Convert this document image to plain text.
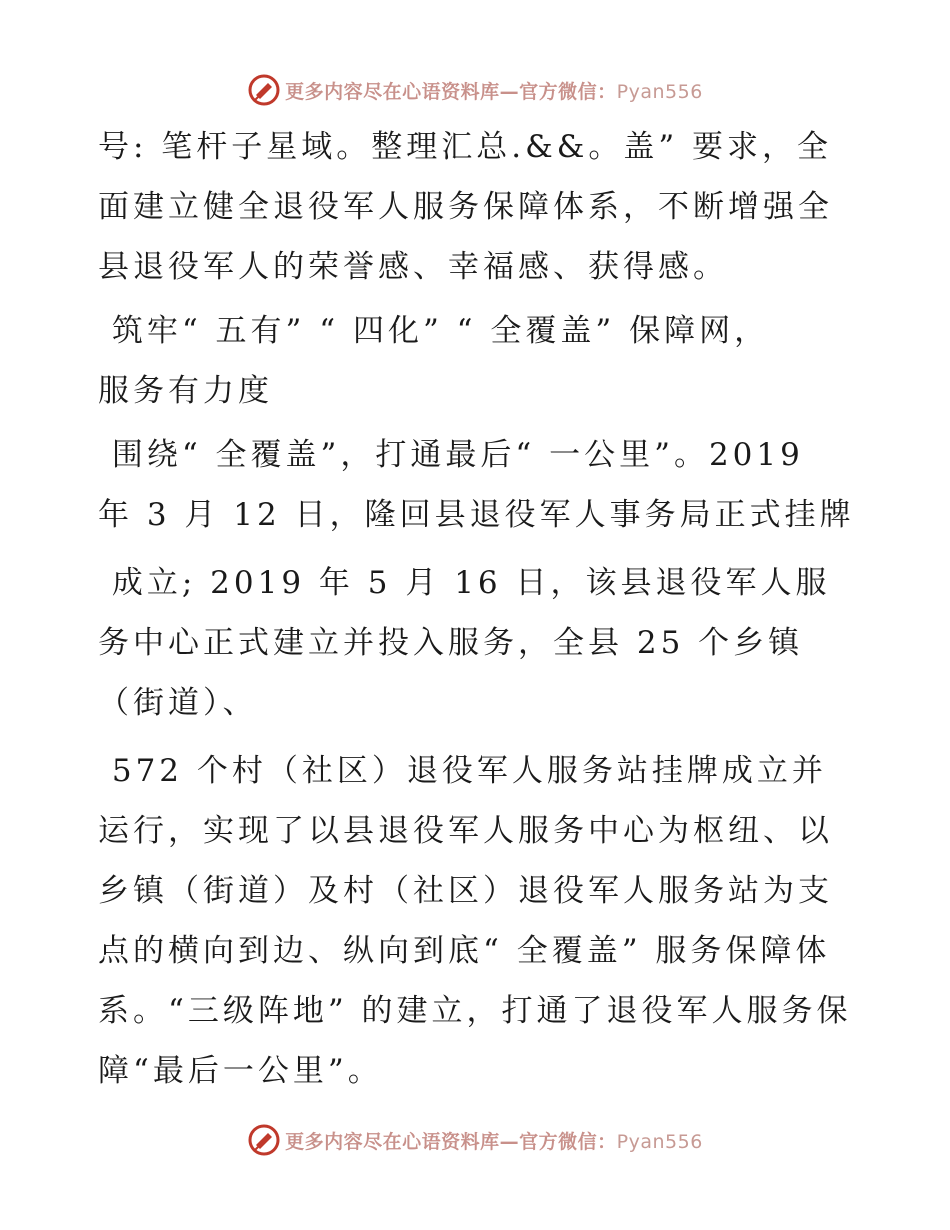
更多内容尽在心语资料库—官方微信：Pyan556

号: 笔杆子星域。整理汇总.&&。盖” 要求，全面建立健全退役军人服务保障体系，不断增强全县退役军人的荣誉感、幸福感、获得感。

筑牢“ 五有” “ 四化” “ 全覆盖” 保障网，
服务有力度

围绕“ 全覆盖”，打通最后“ 一公里”。2019
年 3 月 12 日，隆回县退役军人事务局正式挂牌

成立; 2019 年 5 月 16 日，该县退役军人服务中心正式建立并投入服务，全县 25 个乡镇（街道）、

572 个村（社区）退役军人服务站挂牌成立并运行，实现了以县退役军人服务中心为枢纽、以乡镇（街道）及村（社区）退役军人服务站为支点的横向到边、纵向到底“ 全覆盖” 服务保障体系。“三级阵地” 的建立，打通了退役军人服务保障“最后一公里”。

更多内容尽在心语资料库—官方微信：Pyan556
